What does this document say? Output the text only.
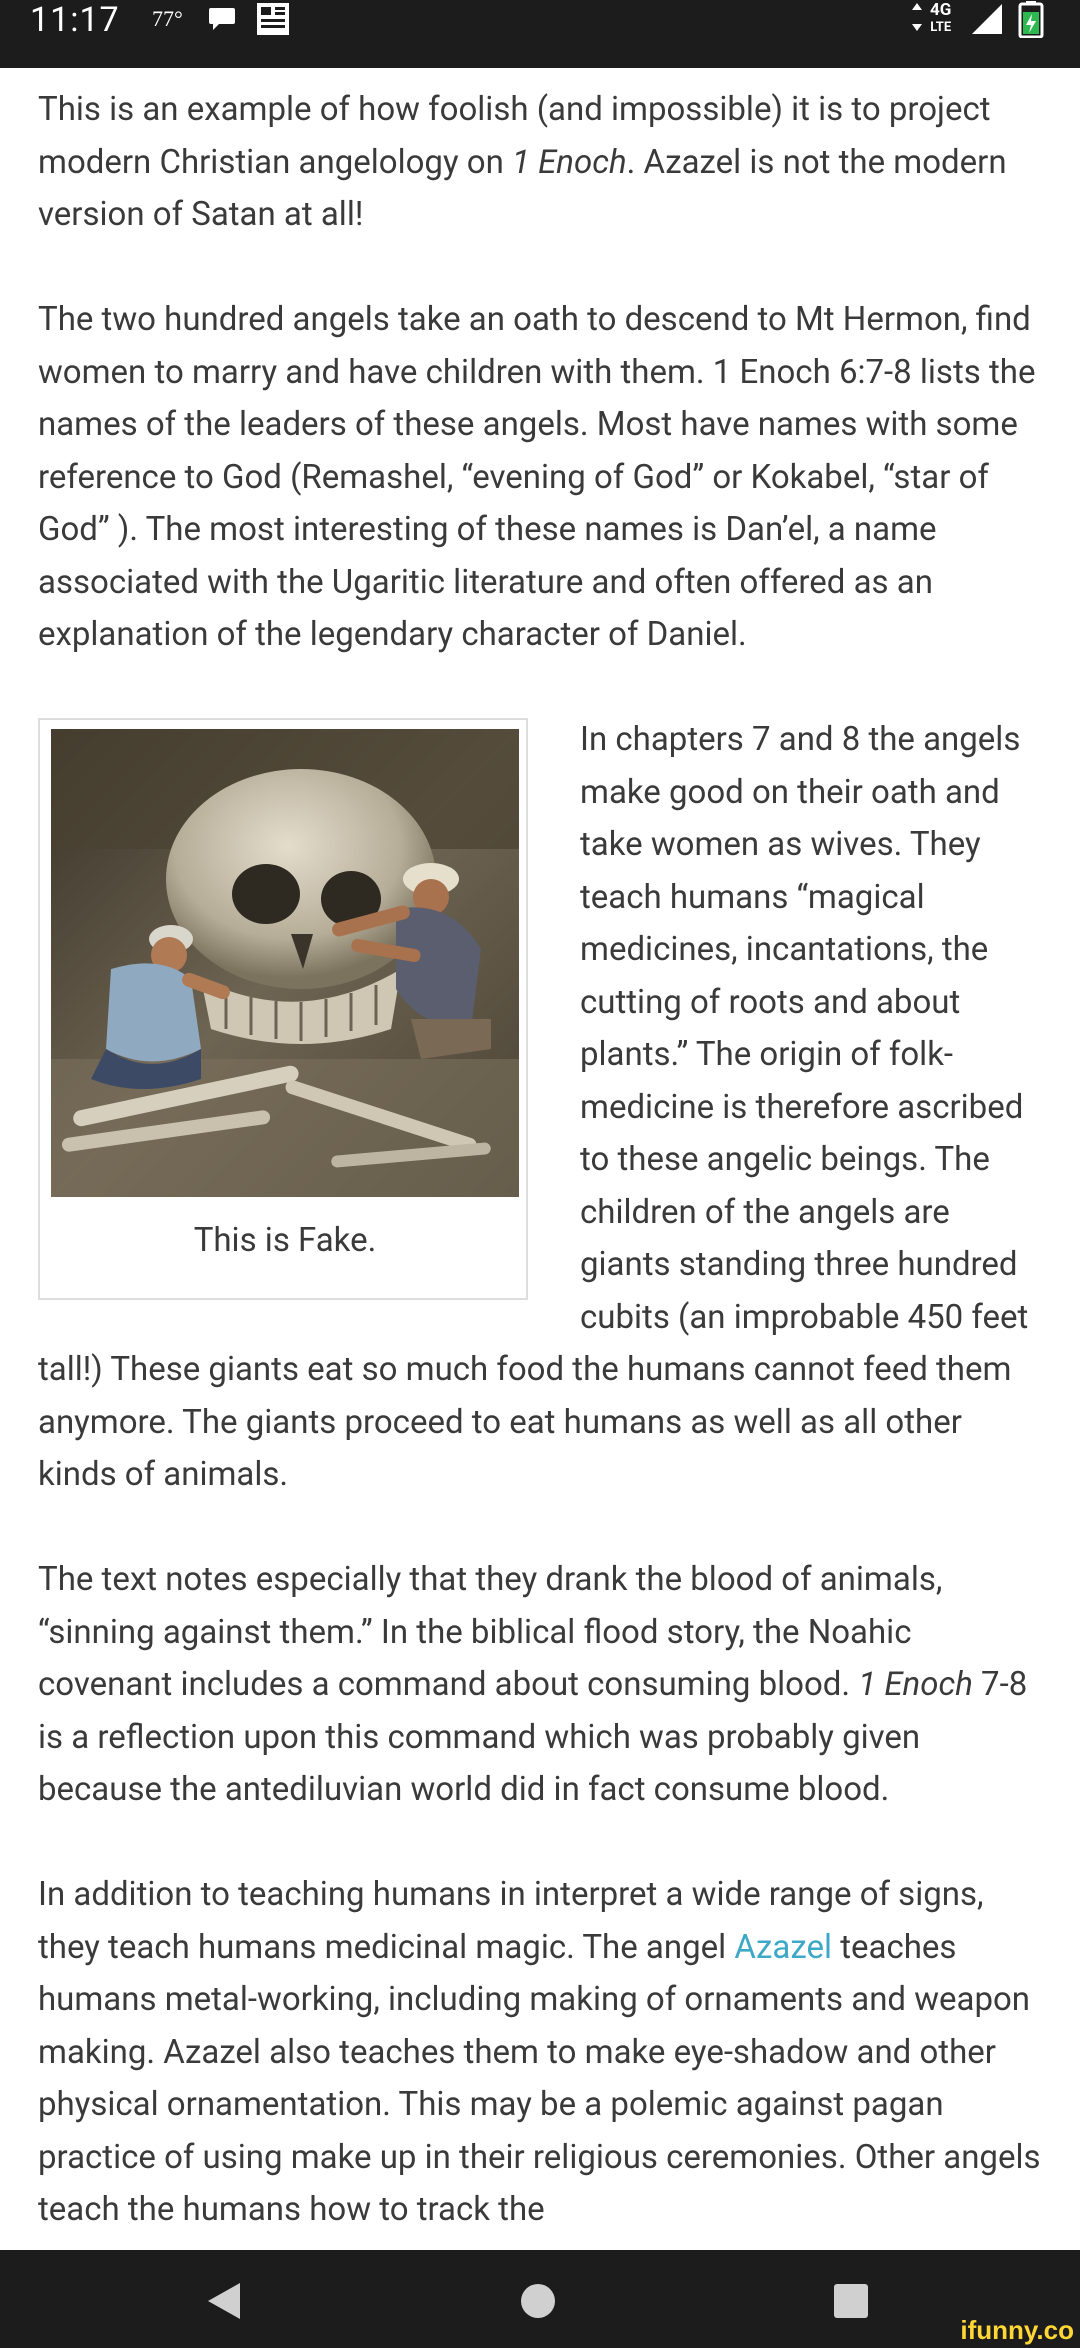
11:17 77°	4G
LTE

This is an example of how foolish (and impossible) it is to project modern Christian angelology on 1 Enoch. Azazel is not the modern version of Satan at all!

The two hundred angels take an oath to descend to Mt Hermon, find women to marry and have children with them. 1 Enoch 6:7-8 lists the names of the leaders of these angels. Most have names with some reference to God (Remashel, “evening of God” or Kokabel, “star of God” ). The most interesting of these names is Dan’el, a name associated with the Ugaritic literature and often offered as an explanation of the legendary character of Daniel.

This is Fake.

In chapters 7 and 8 the angels make good on their oath and take women as wives. They teach humans “magical medicines, incantations, the cutting of roots and about plants.” The origin of folk-medicine is therefore ascribed to these angelic beings. The children of the angels are giants standing three hundred cubits (an improbable 450 feet tall!) These giants eat so much food the humans cannot feed them anymore. The giants proceed to eat humans as well as all other kinds of animals.

The text notes especially that they drank the blood of animals, “sinning against them.” In the biblical flood story, the Noahic covenant includes a command about consuming blood. 1 Enoch 7-8 is a reflection upon this command which was probably given because the antediluvian world did in fact consume blood.

In addition to teaching humans in interpret a wide range of signs, they teach humans medicinal magic. The angel Azazel teaches humans metal-working, including making of ornaments and weapon making. Azazel also teaches them to make eye-shadow and other physical ornamentation. This may be a polemic against pagan practice of using make up in their religious ceremonies. Other angels teach the humans how to track the

ifunny.co
